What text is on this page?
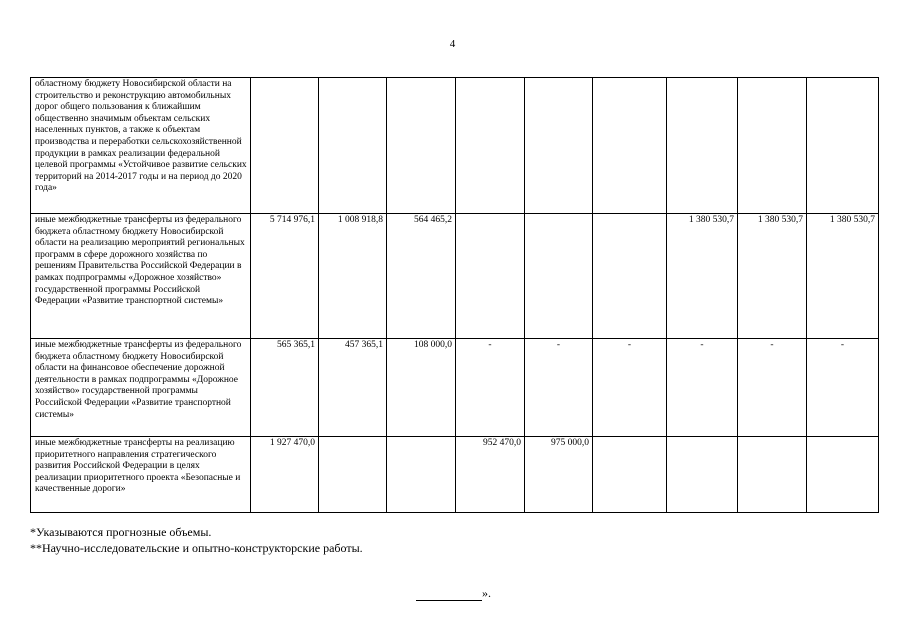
4
областному бюджету Новосибирской области на строительство и реконструкцию автомобильных дорог общего пользования к ближайшим общественно значимым объектам сельских населенных пунктов, а также к объектам производства и переработки сельскохозяйственной продукции в рамках реализации федеральной целевой программы «Устойчивое развитие сельских территорий на 2014-2017 годы и на период до 2020 года»									
иные межбюджетные трансферты из федерального бюджета областному бюджету Новосибирской области на реализацию мероприятий региональных программ в сфере дорожного хозяйства по решениям Правительства Российской Федерации в рамках подпрограммы «Дорожное хозяйство» государственной программы Российской Федерации «Развитие транспортной системы»	5 714 976,1	1 008 918,8	564 465,2				1 380 530,7	1 380 530,7	1 380 530,7
иные межбюджетные трансферты из федерального бюджета областному бюджету Новосибирской области на финансовое обеспечение дорожной деятельности в рамках подпрограммы «Дорожное хозяйство» государственной программы Российской Федерации «Развитие транспортной системы»	565 365,1	457 365,1	108 000,0	-	-	-	-	-	-
иные межбюджетные трансферты на реализацию приоритетного направления стратегического развития Российской Федерации в целях реализации приоритетного проекта «Безопасные и качественные дороги»	1 927 470,0			952 470,0	975 000,0				
*Указываются прогнозные объемы.
**Научно-исследовательские и опытно-конструкторские работы.
».
